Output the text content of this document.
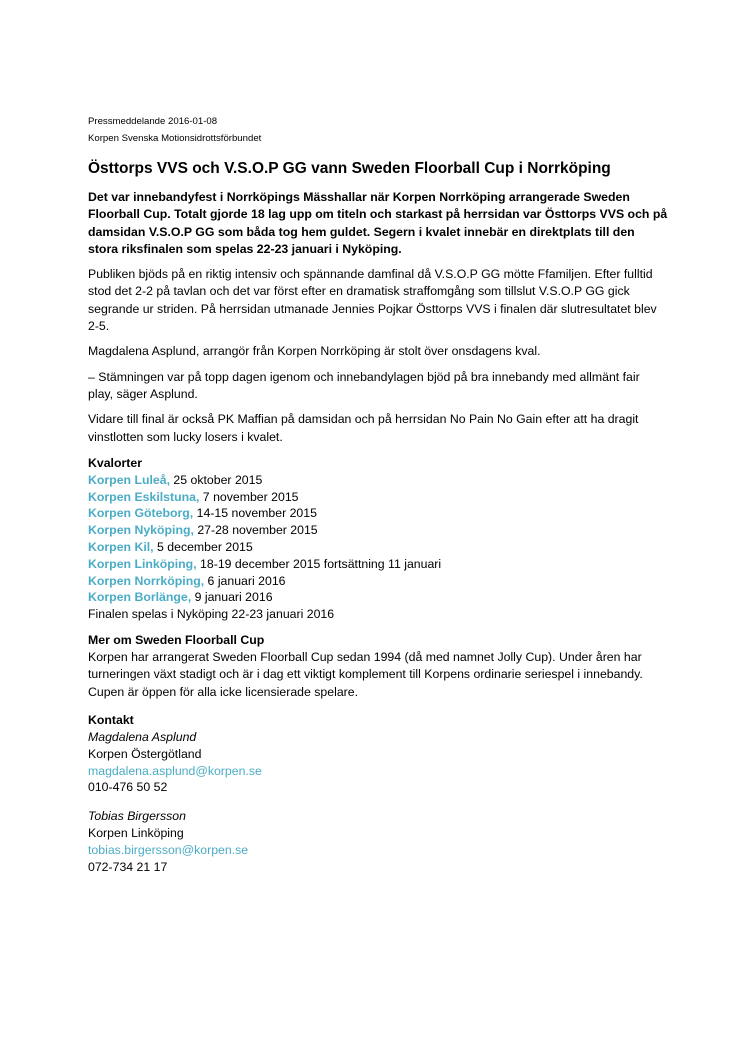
Pressmeddelande 2016-01-08
Korpen Svenska Motionsidrottsförbundet
Östtorps VVS och V.S.O.P GG vann Sweden Floorball Cup i Norrköping

Det var innebandyfest i Norrköpings Mässhallar när Korpen Norrköping arrangerade Sweden Floorball Cup. Totalt gjorde 18 lag upp om titeln och starkast på herrsidan var Östtorps VVS och på damsidan V.S.O.P GG som båda tog hem guldet. Segern i kvalet innebär en direktplats till den stora riksfinalen som spelas 22-23 januari i Nyköping.

Publiken bjöds på en riktig intensiv och spännande damfinal då V.S.O.P GG mötte Ffamiljen. Efter fulltid stod det 2-2 på tavlan och det var först efter en dramatisk straffomgång som tillslut V.S.O.P GG gick segrande ur striden. På herrsidan utmanade Jennies Pojkar Östtorps VVS i finalen där slutresultatet blev 2-5.

Magdalena Asplund, arrangör från Korpen Norrköping är stolt över onsdagens kval.

– Stämningen var på topp dagen igenom och innebandylagen bjöd på bra innebandy med allmänt fair play, säger Asplund.

Vidare till final är också PK Maffian på damsidan och på herrsidan No Pain No Gain efter att ha dragit vinstlotten som lucky losers i kvalet.

Kvalorter
Korpen Luleå, 25 oktober 2015
Korpen Eskilstuna, 7 november 2015
Korpen Göteborg, 14-15 november 2015
Korpen Nyköping, 27-28 november 2015
Korpen Kil, 5 december 2015
Korpen Linköping, 18-19 december 2015 fortsättning 11 januari
Korpen Norrköping, 6 januari 2016
Korpen Borlänge, 9 januari 2016
Finalen spelas i Nyköping 22-23 januari 2016
Mer om Sweden Floorball Cup
Korpen har arrangerat Sweden Floorball Cup sedan 1994 (då med namnet Jolly Cup). Under åren har turneringen växt stadigt och är i dag ett viktigt komplement till Korpens ordinarie seriespel i innebandy. Cupen är öppen för alla icke licensierade spelare.
Kontakt
Magdalena Asplund
Korpen Östergötland
magdalena.asplund@korpen.se
010-476 50 52
Tobias Birgersson
Korpen Linköping
tobias.birgersson@korpen.se
072-734 21 17
